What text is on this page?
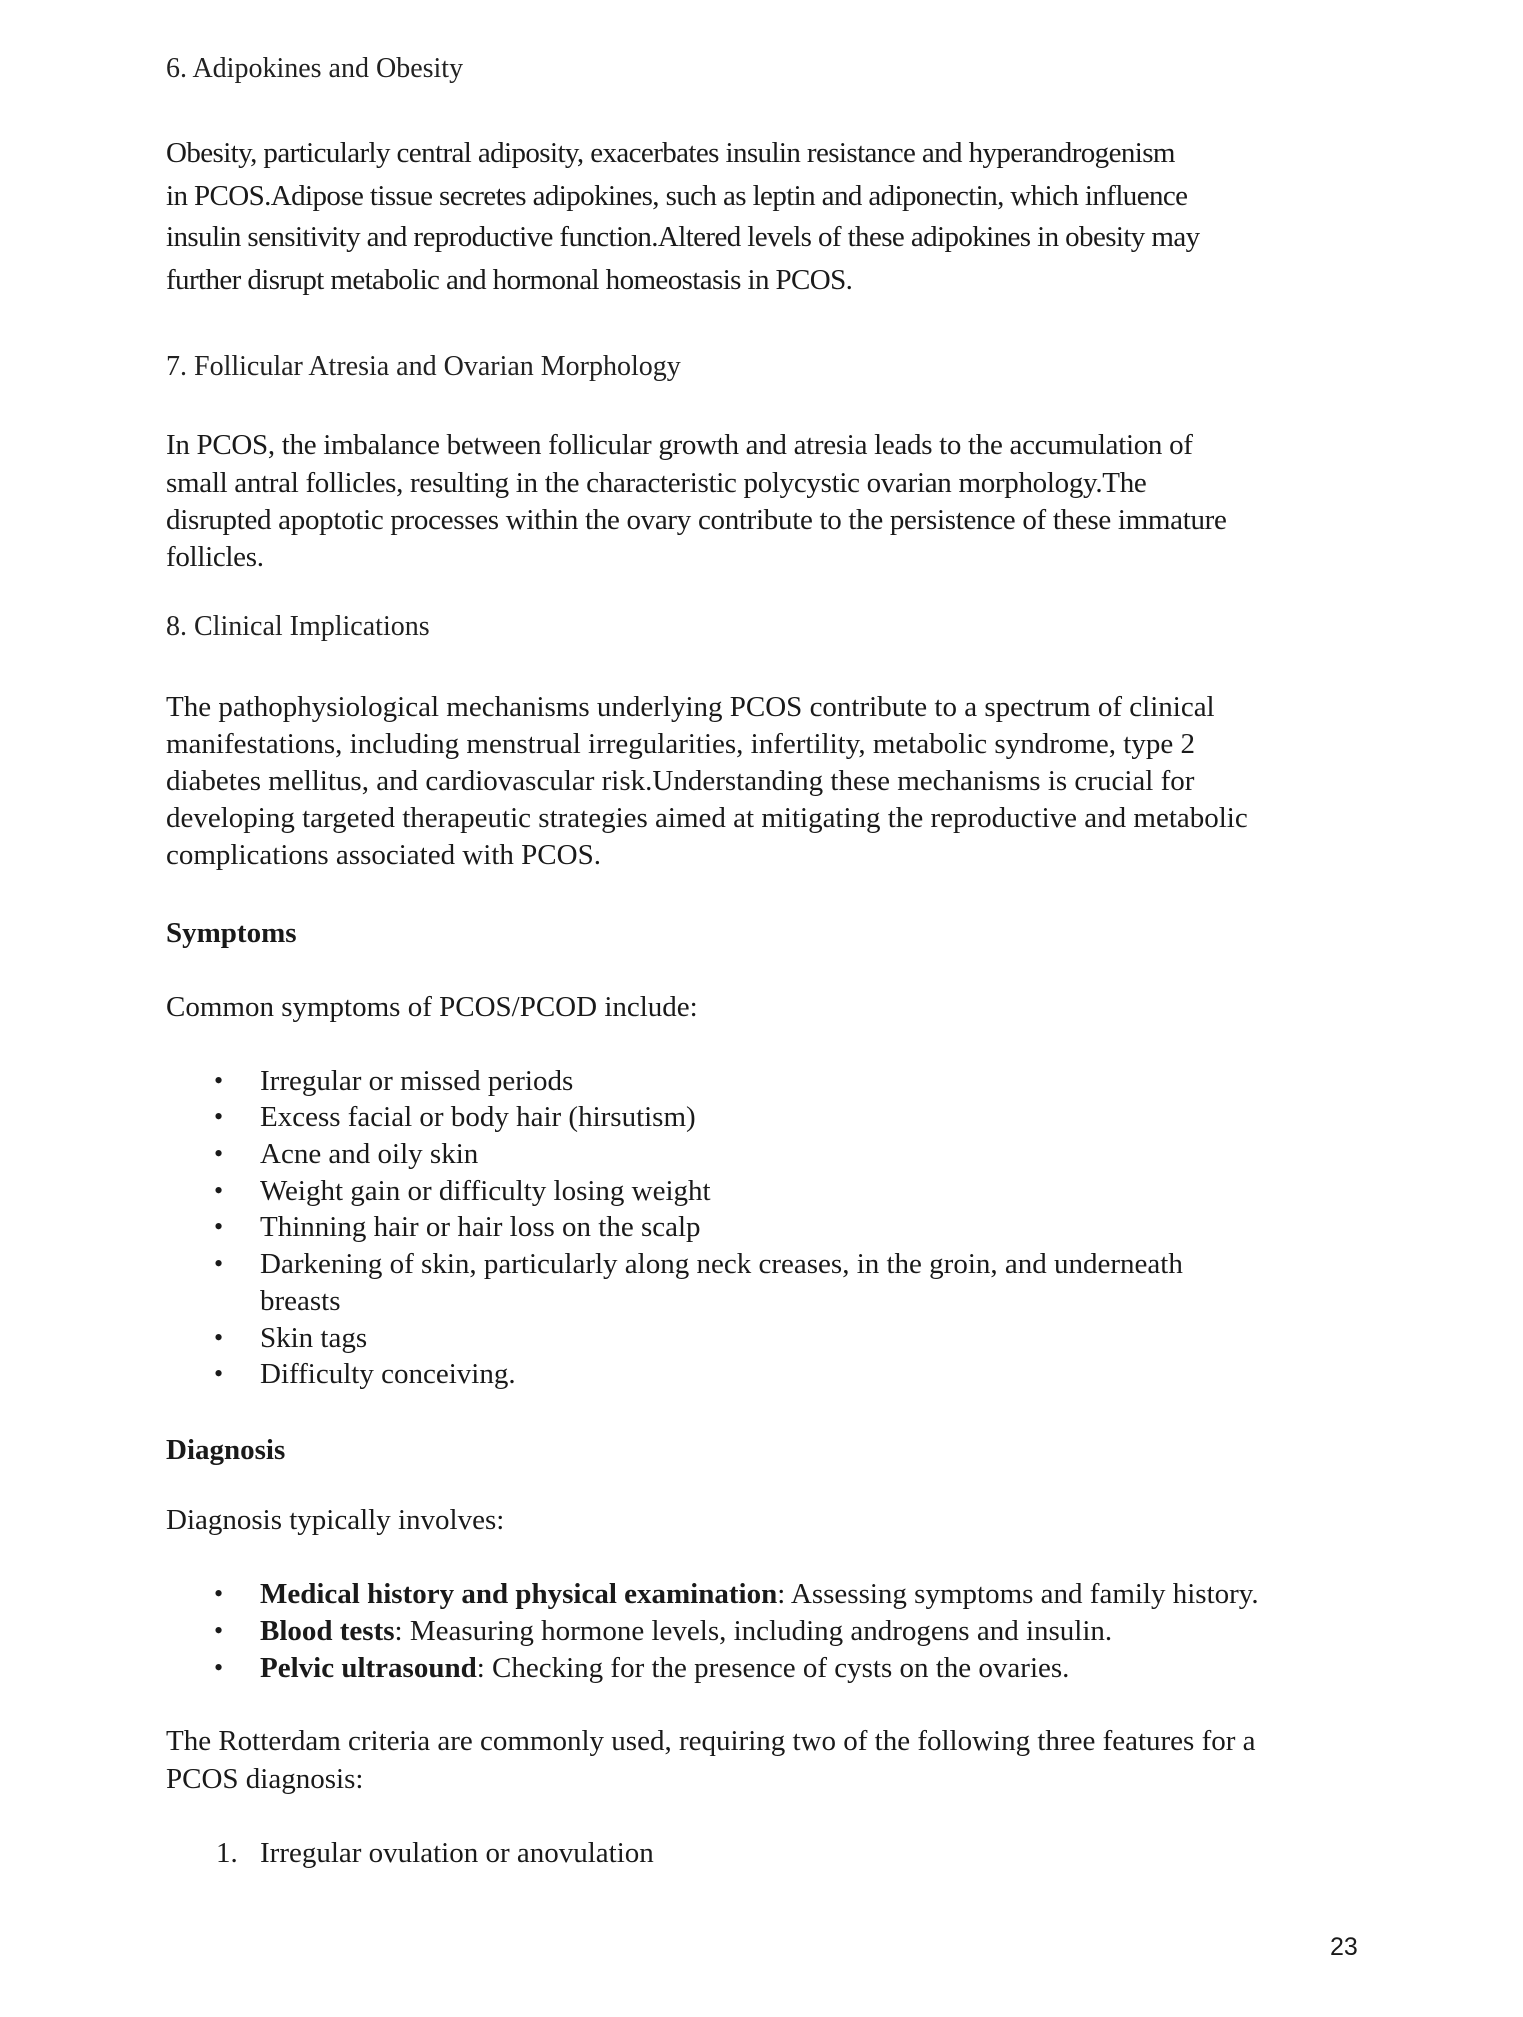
6. Adipokines and Obesity
Obesity, particularly central adiposity, exacerbates insulin resistance and hyperandrogenism
in PCOS.Adipose tissue secretes adipokines, such as leptin and adiponectin, which influence
insulin sensitivity and reproductive function.Altered levels of these adipokines in obesity may
further disrupt metabolic and hormonal homeostasis in PCOS.
7. Follicular Atresia and Ovarian Morphology
In PCOS, the imbalance between follicular growth and atresia leads to the accumulation of
small antral follicles, resulting in the characteristic polycystic ovarian morphology.The
disrupted apoptotic processes within the ovary contribute to the persistence of these immature
follicles.
8. Clinical Implications
The pathophysiological mechanisms underlying PCOS contribute to a spectrum of clinical
manifestations, including menstrual irregularities, infertility, metabolic syndrome, type 2
diabetes mellitus, and cardiovascular risk.Understanding these mechanisms is crucial for
developing targeted therapeutic strategies aimed at mitigating the reproductive and metabolic
complications associated with PCOS.
Symptoms
Common symptoms of PCOS/PCOD include:
• Irregular or missed periods
• Excess facial or body hair (hirsutism)
• Acne and oily skin
• Weight gain or difficulty losing weight
• Thinning hair or hair loss on the scalp
• Darkening of skin, particularly along neck creases, in the groin, and underneath
breasts
• Skin tags
• Difficulty conceiving.
Diagnosis
Diagnosis typically involves:
• Medical history and physical examination: Assessing symptoms and family history.
• Blood tests: Measuring hormone levels, including androgens and insulin.
• Pelvic ultrasound: Checking for the presence of cysts on the ovaries.
The Rotterdam criteria are commonly used, requiring two of the following three features for a
PCOS diagnosis:
1. Irregular ovulation or anovulation
23
